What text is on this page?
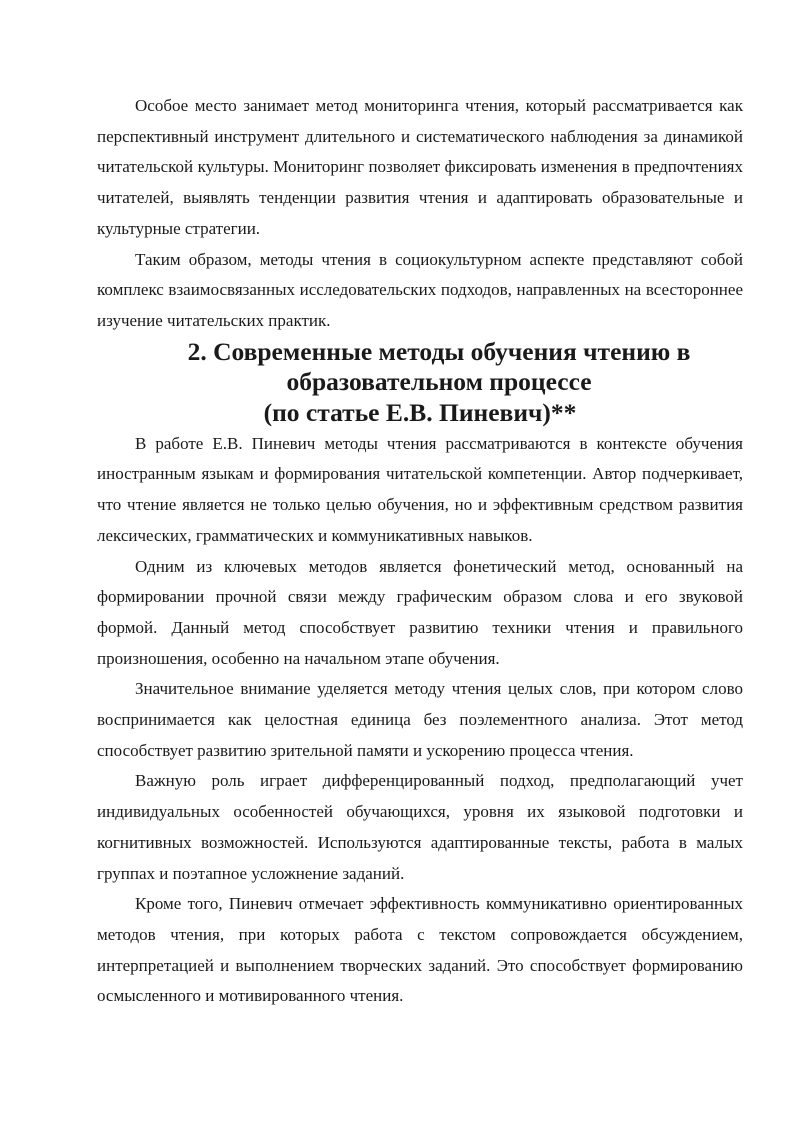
Особое место занимает метод мониторинга чтения, который рассматривается как перспективный инструмент длительного и систематического наблюдения за динамикой читательской культуры. Мониторинг позволяет фиксировать изменения в предпочтениях читателей, выявлять тенденции развития чтения и адаптировать образовательные и культурные стратегии.

Таким образом, методы чтения в социокультурном аспекте представляют собой комплекс взаимосвязанных исследовательских подходов, направленных на всестороннее изучение читательских практик.

2. Современные методы обучения чтению в образовательном процессе
(по статье Е.В. Пиневич)**

В работе Е.В. Пиневич методы чтения рассматриваются в контексте обучения иностранным языкам и формирования читательской компетенции. Автор подчеркивает, что чтение является не только целью обучения, но и эффективным средством развития лексических, грамматических и коммуникативных навыков.

Одним из ключевых методов является фонетический метод, основанный на формировании прочной связи между графическим образом слова и его звуковой формой. Данный метод способствует развитию техники чтения и правильного произношения, особенно на начальном этапе обучения.

Значительное внимание уделяется методу чтения целых слов, при котором слово воспринимается как целостная единица без поэлементного анализа. Этот метод способствует развитию зрительной памяти и ускорению процесса чтения.

Важную роль играет дифференцированный подход, предполагающий учет индивидуальных особенностей обучающихся, уровня их языковой подготовки и когнитивных возможностей. Используются адаптированные тексты, работа в малых группах и поэтапное усложнение заданий.

Кроме того, Пиневич отмечает эффективность коммуникативно ориентированных методов чтения, при которых работа с текстом сопровождается обсуждением, интерпретацией и выполнением творческих заданий. Это способствует формированию осмысленного и мотивированного чтения.
